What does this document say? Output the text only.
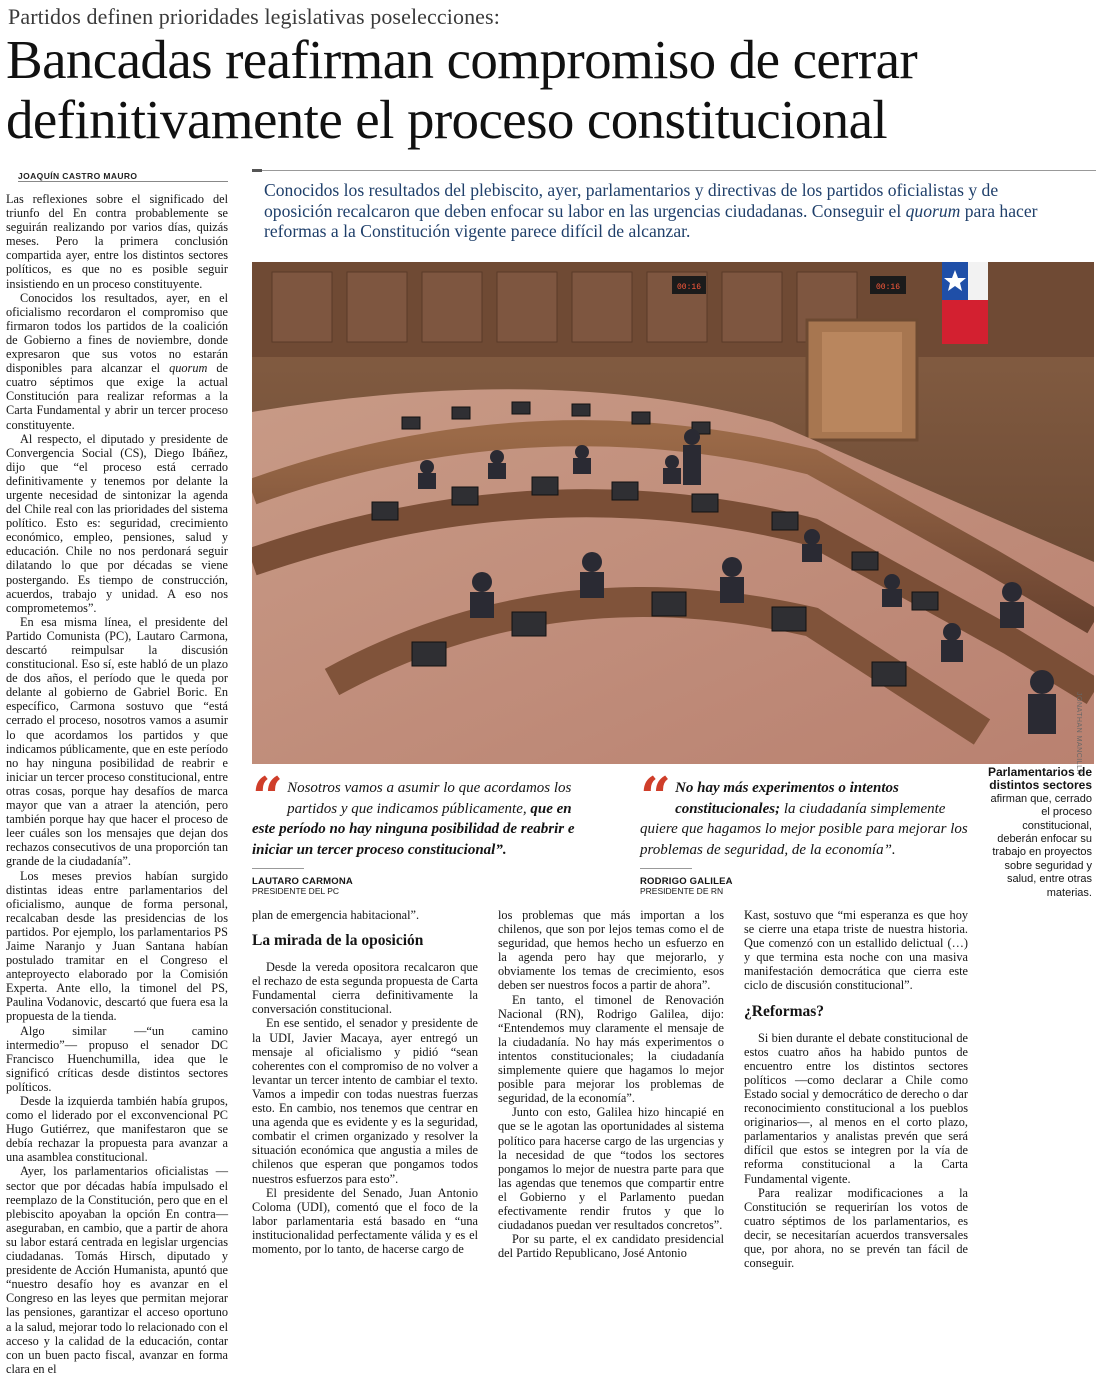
Partidos definen prioridades legislativas poselecciones:
Bancadas reafirman compromiso de cerrar definitivamente el proceso constitucional
JOAQUÍN CASTRO MAURO
Conocidos los resultados del plebiscito, ayer, parlamentarios y directivas de los partidos oficialistas y de oposición recalcaron que deben enfocar su labor en las urgencias ciudadanas. Conseguir el quorum para hacer reformas a la Constitución vigente parece difícil de alcanzar.
00:16	00:16
JONATHAN MANCILLA
Parlamentarios de distintos sectores
afirman que, cerrado el proceso constitucional, deberán enfocar su trabajo en proyectos sobre seguridad y salud, entre otras materias.
“ Nosotros vamos a asumir lo que acordamos los partidos y que indicamos públicamente, que en este período no hay ninguna posibilidad de reabrir e iniciar un tercer proceso constitucional”.
LAUTARO CARMONA
PRESIDENTE DEL PC
“ No hay más experimentos o intentos constitucionales; la ciudadanía simplemente quiere que hagamos lo mejor posible para mejorar los problemas de seguridad, de la economía”.
RODRIGO GALILEA
PRESIDENTE DE RN

Las reflexiones sobre el significado del triunfo del En contra probablemente se seguirán realizando por varios días, quizás meses. Pero la primera conclusión compartida ayer, entre los distintos sectores políticos, es que no es posible seguir insistiendo en un proceso constituyente.

Conocidos los resultados, ayer, en el oficialismo recordaron el compromiso que firmaron todos los partidos de la coalición de Gobierno a fines de noviembre, donde expresaron que sus votos no estarán disponibles para alcanzar el quorum de cuatro séptimos que exige la actual Constitución para realizar reformas a la Carta Fundamental y abrir un tercer proceso constituyente.

Al respecto, el diputado y presidente de Convergencia Social (CS), Diego Ibáñez, dijo que “el proceso está cerrado definitivamente y tenemos por delante la urgente necesidad de sintonizar la agenda del Chile real con las prioridades del sistema político. Esto es: seguridad, crecimiento económico, empleo, pensiones, salud y educación. Chile no nos perdonará seguir dilatando lo que por décadas se viene postergando. Es tiempo de construcción, acuerdos, trabajo y unidad. A eso nos comprometemos”.

En esa misma línea, el presidente del Partido Comunista (PC), Lautaro Carmona, descartó reimpulsar la discusión constitucional. Eso sí, este habló de un plazo de dos años, el período que le queda por delante al gobierno de Gabriel Boric. En específico, Carmona sostuvo que “está cerrado el proceso, nosotros vamos a asumir lo que acordamos los partidos y que indicamos públicamente, que en este período no hay ninguna posibilidad de reabrir e iniciar un tercer proceso constitucional, entre otras cosas, porque hay desafíos de marca mayor que van a atraer la atención, pero también porque hay que hacer el proceso de leer cuáles son los mensajes que dejan dos rechazos consecutivos de una proporción tan grande de la ciudadanía”.

Los meses previos habían surgido distintas ideas entre parlamentarios del oficialismo, aunque de forma personal, recalcaban desde las presidencias de los partidos. Por ejemplo, los parlamentarios PS Jaime Naranjo y Juan Santana habían postulado tramitar en el Congreso el anteproyecto elaborado por la Comisión Experta. Ante ello, la timonel del PS, Paulina Vodanovic, descartó que fuera esa la propuesta de la tienda.

Algo similar —“un camino intermedio”— propuso el senador DC Francisco Huenchumilla, idea que le significó críticas desde distintos sectores políticos.

Desde la izquierda también había grupos, como el liderado por el exconvencional PC Hugo Gutiérrez, que manifestaron que se debía rechazar la propuesta para avanzar a una asamblea constitucional.

Ayer, los parlamentarios oficialistas —sector que por décadas había impulsado el reemplazo de la Constitución, pero que en el plebiscito apoyaban la opción En contra— aseguraban, en cambio, que a partir de ahora su labor estará centrada en legislar urgencias ciudadanas. Tomás Hirsch, diputado y presidente de Acción Humanista, apuntó que “nuestro desafío hoy es avanzar en el Congreso en las leyes que permitan mejorar las pensiones, garantizar el acceso oportuno a la salud, mejorar todo lo relacionado con el acceso y la calidad de la educación, contar con un buen pacto fiscal, avanzar en forma clara en el

plan de emergencia habitacional”.

La mirada de la oposición

Desde la vereda opositora recalcaron que el rechazo de esta segunda propuesta de Carta Fundamental cierra definitivamente la conversación constitucional.

En ese sentido, el senador y presidente de la UDI, Javier Macaya, ayer entregó un mensaje al oficialismo y pidió “sean coherentes con el compromiso de no volver a levantar un tercer intento de cambiar el texto. Vamos a impedir con todas nuestras fuerzas esto. En cambio, nos tenemos que centrar en una agenda que es evidente y es la seguridad, combatir el crimen organizado y resolver la situación económica que angustia a miles de chilenos que esperan que pongamos todos nuestros esfuerzos para esto”.

El presidente del Senado, Juan Antonio Coloma (UDI), comentó que el foco de la labor parlamentaria está basado en “una institucionalidad perfectamente válida y es el momento, por lo tanto, de hacerse cargo de

los problemas que más importan a los chilenos, que son por lejos temas como el de seguridad, que hemos hecho un esfuerzo en la agenda pero hay que mejorarlo, y obviamente los temas de crecimiento, esos deben ser nuestros focos a partir de ahora”.

En tanto, el timonel de Renovación Nacional (RN), Rodrigo Galilea, dijo: “Entendemos muy claramente el mensaje de la ciudadanía. No hay más experimentos o intentos constitucionales; la ciudadanía simplemente quiere que hagamos lo mejor posible para mejorar los problemas de seguridad, de la economía”.

Junto con esto, Galilea hizo hincapié en que se le agotan las oportunidades al sistema político para hacerse cargo de las urgencias y la necesidad de que “todos los sectores pongamos lo mejor de nuestra parte para que las agendas que tenemos que compartir entre el Gobierno y el Parlamento puedan efectivamente rendir frutos y que lo ciudadanos puedan ver resultados concretos”.

Por su parte, el ex candidato presidencial del Partido Republicano, José Antonio

Kast, sostuvo que “mi esperanza es que hoy se cierre una etapa triste de nuestra historia. Que comenzó con un estallido delictual (…) y que termina esta noche con una masiva manifestación democrática que cierra este ciclo de discusión constitucional”.

¿Reformas?

Si bien durante el debate constitucional de estos cuatro años ha habido puntos de encuentro entre los distintos sectores políticos —como declarar a Chile como Estado social y democrático de derecho o dar reconocimiento constitucional a los pueblos originarios—, al menos en el corto plazo, parlamentarios y analistas prevén que será difícil que estos se integren por la vía de reforma constitucional a la Carta Fundamental vigente.

Para realizar modificaciones a la Constitución se requerirían los votos de cuatro séptimos de los parlamentarios, es decir, se necesitarían acuerdos transversales que, por ahora, no se prevén tan fácil de conseguir.
